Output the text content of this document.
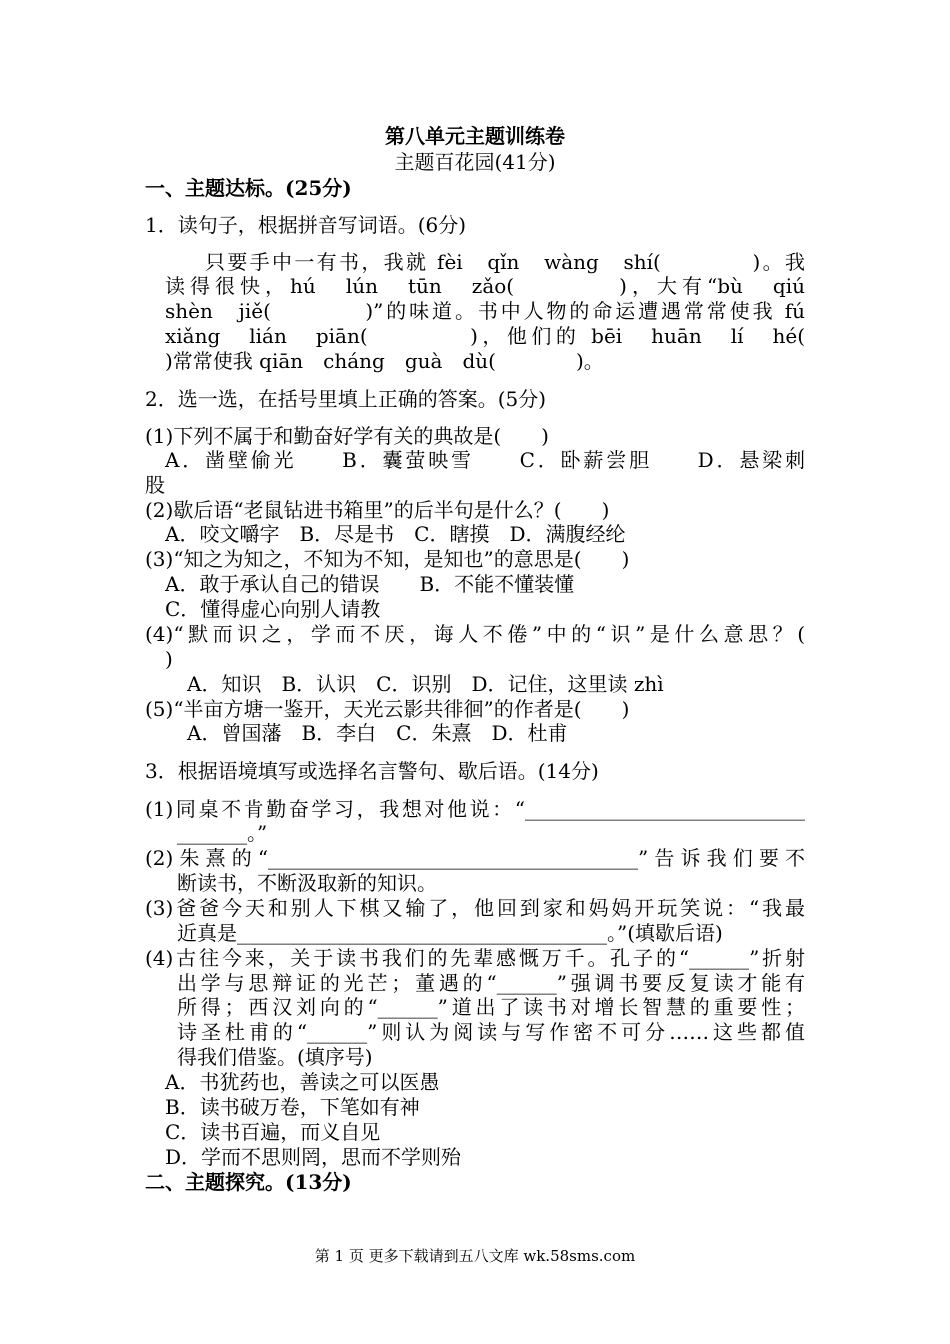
第八单元主题训练卷
主题百花园(41分)
一、主题达标。(25分)
1．读句子，根据拼音写词语。(6分)
只要手中一有书，我就 fèi　qǐn　wàng　shí(　　　　)。我
读得很快，hú　lún　tūn　zǎo(　　　　)，大有“bù　qiú
shèn　jiě(　　　　)”的味道。书中人物的命运遭遇常常使我 fú
xiǎng　lián　piān(　　　　)，他们的 bēi　huān　lí　hé(
)常常使我 qiān　cháng　guà　dù(　　　　)。
2．选一选，在括号里填上正确的答案。(5分)
(1)下列不属于和勤奋好学有关的典故是(　　)
A．凿壁偷光　　B．囊萤映雪　　C．卧薪尝胆　　D．悬梁刺
股
(2)歇后语“老鼠钻进书箱里”的后半句是什么？(　　)
A．咬文嚼字　B．尽是书　C．瞎摸　D．满腹经纶
(3)“知之为知之，不知为不知，是知也”的意思是(　　)
A．敢于承认自己的错误　　B．不能不懂装懂
C．懂得虚心向别人请教
(4)“默而识之，学而不厌，诲人不倦”中的“识”是什么意思？(
)
A．知识　B．认识　C．识别　D．记住，这里读 zhì
(5)“半亩方塘一鉴开，天光云影共徘徊”的作者是(　　)
A．曾国藩　B．李白　C．朱熹　D．杜甫
3．根据语境填写或选择名言警句、歇后语。(14分)
(1)同桌不肯勤奋学习，我想对他说：“____________________________
_______。”
(2)朱熹的“_____________________________________”告诉我们要不
断读书，不断汲取新的知识。
(3)爸爸今天和别人下棋又输了，他回到家和妈妈开玩笑说：“我最
近真是_____________________________________。”(填歇后语)
(4)古往今来，关于读书我们的先辈感慨万千。孔子的“______”折射
出学与思辩证的光芒；董遇的“______”强调书要反复读才能有
所得；西汉刘向的“______”道出了读书对增长智慧的重要性；
诗圣杜甫的“______”则认为阅读与写作密不可分……这些都值
得我们借鉴。(填序号)
A．书犹药也，善读之可以医愚
B．读书破万卷，下笔如有神
C．读书百遍，而义自见
D．学而不思则罔，思而不学则殆
二、主题探究。(13分)
第 1 页 更多下载请到五八文库 wk.58sms.com
